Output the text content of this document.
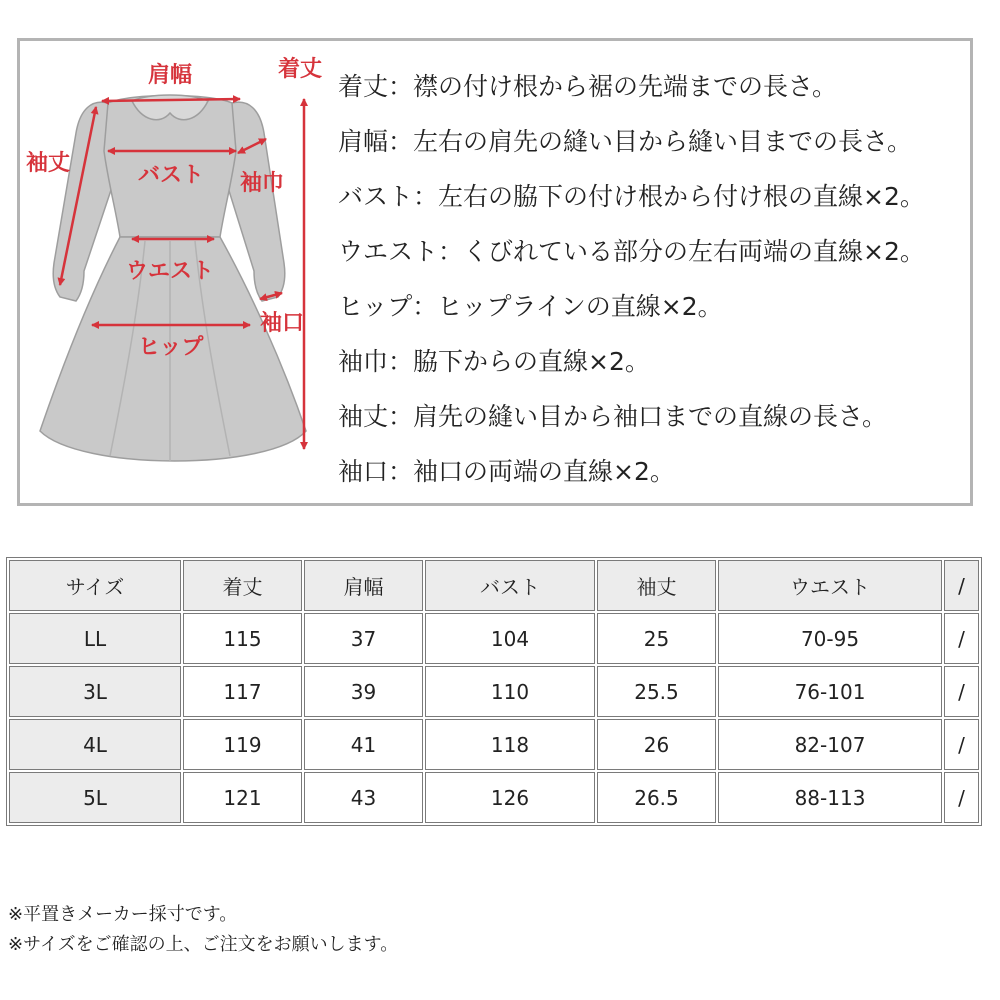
肩幅	着丈
袖丈	バスト 袖巾
ウエスト
袖口
ヒップ
着丈：襟の付け根から裾の先端までの長さ。
肩幅：左右の肩先の縫い目から縫い目までの長さ。
バスト：左右の脇下の付け根から付け根の直線×2。
ウエスト：くびれている部分の左右両端の直線×2。
ヒップ：ヒップラインの直線×2。
袖巾：脇下からの直線×2。
袖丈：肩先の縫い目から袖口までの直線の長さ。
袖口：袖口の両端の直線×2。
サイズ	着丈	肩幅	バスト	袖丈	ウエスト	/
LL	115	37	104	25	70-95	/
3L	117	39	110	25.5	76-101	/
4L	119	41	118	26	82-107	/
5L	121	43	126	26.5	88-113	/
※平置きメーカー採寸です。
※サイズをご確認の上、ご注文をお願いします。
